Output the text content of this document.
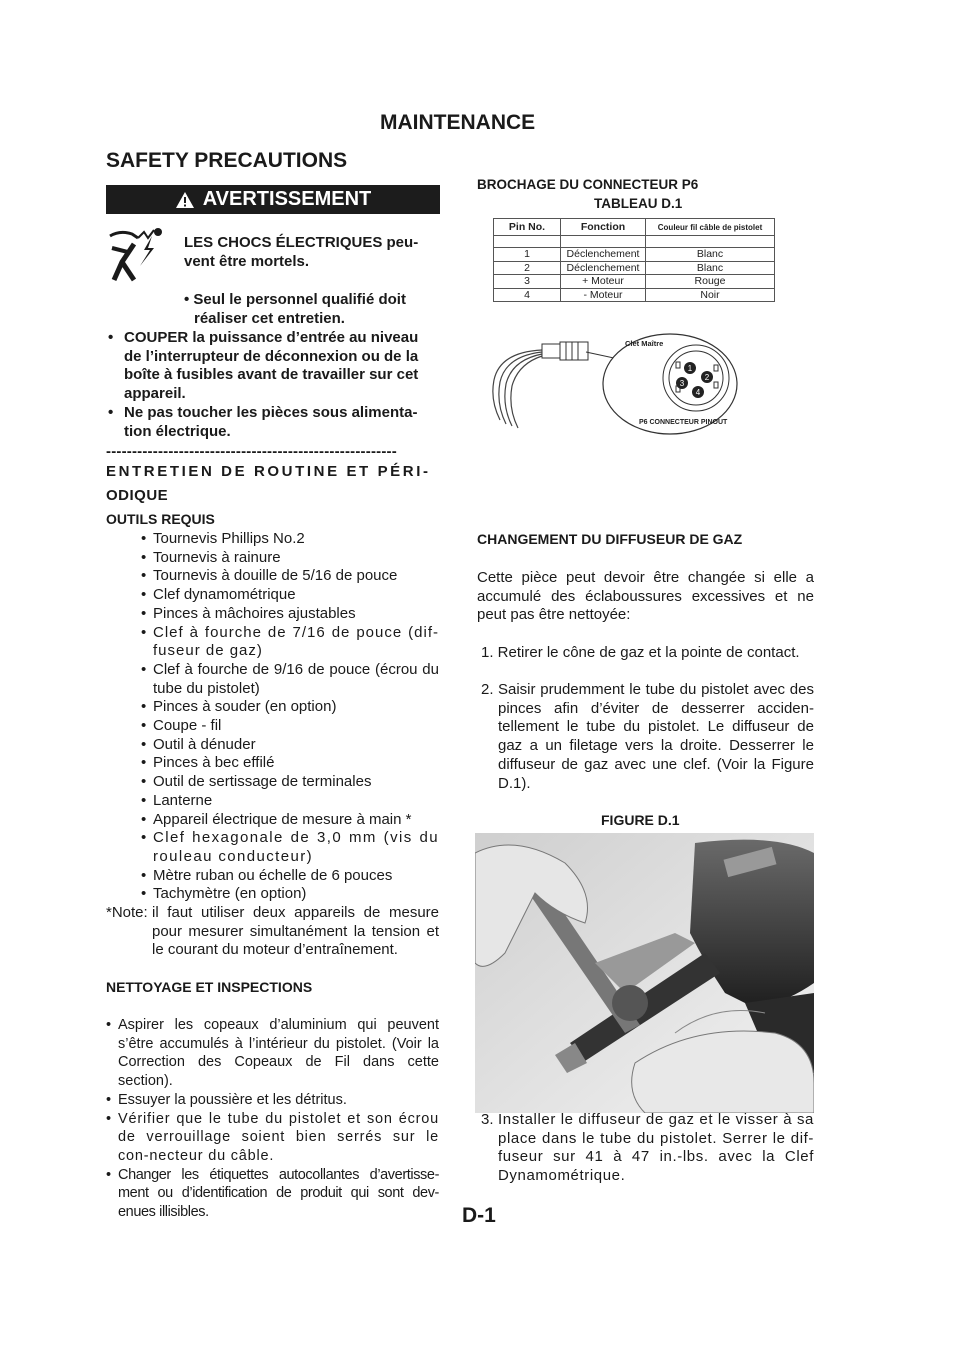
MAINTENANCE
SAFETY PRECAUTIONS
AVERTISSEMENT
LES CHOCS ÉLECTRIQUES peu-
vent être mortels.
• Seul le personnel qualifié doit
réaliser cet entretien.
• COUPER la puissance d’entrée au niveau de l’interrupteur de déconnexion ou de la boîte à fusibles avant de travailler sur cet appareil.
• Ne pas toucher les pièces sous alimenta-tion électrique.
--------------------------------------------------------
ENTRETIEN DE ROUTINE ET PÉRI-
ODIQUE
OUTILS REQUIS
• Tournevis Phillips No.2
• Tournevis à rainure
• Tournevis à douille de 5/16 de pouce
• Clef dynamométrique
• Pinces à mâchoires ajustables
• Clef à fourche de 7/16 de pouce (dif-fuseur de gaz)
• Clef à fourche de 9/16 de pouce (écrou du tube du pistolet)
• Pinces à souder (en option)
• Coupe - fil
• Outil à dénuder
• Pinces à bec effilé
• Outil de sertissage de terminales
• Lanterne
• Appareil électrique de mesure à main *
• Clef hexagonale de 3,0 mm (vis du rouleau conducteur)
• Mètre ruban ou échelle de 6 pouces
• Tachymètre (en option)
*Note: il faut utiliser deux appareils de mesure pour mesurer simultanément la tension et le courant du moteur d’entraînement.
NETTOYAGE ET INSPECTIONS
• Aspirer les copeaux d’aluminium qui peuvent s’être accumulés à l’intérieur du pistolet. (Voir la Correction des Copeaux de Fil dans cette section).
• Essuyer la poussière et les détritus.
• Vérifier que le tube du pistolet et son écrou de verrouillage soient bien serrés sur le con-necteur du câble.
• Changer les étiquettes autocollantes d’avertisse-ment ou d’identification de produit qui sont dev-enues illisibles.
BROCHAGE DU CONNECTEUR P6
TABLEAU D.1
Pin No.	Fonction	Couleur fil câble de pistolet

1	Déclenchement	Blanc
2	Déclenchement	Blanc
3	+ Moteur	Rouge
4	- Moteur	Noir
1
2
3
4
Clet Maître
P6 CONNECTEUR PINOUT
CHANGEMENT DU DIFFUSEUR DE GAZ
Cette pièce peut devoir être changée si elle a accumulé des éclaboussures excessives et ne peut pas être nettoyée:
1. Retirer le cône de gaz et la pointe de contact.
2. Saisir prudemment le tube du pistolet avec des pinces afin d’éviter de desserrer acciden-tellement le tube du pistolet. Le diffuseur de gaz a un filetage vers la droite. Desserrer le diffuseur de gaz avec une clef. (Voir la Figure D.1).
FIGURE D.1
3. Installer le diffuseur de gaz et le visser à sa place dans le tube du pistolet. Serrer le dif-fuseur sur 41 à 47 in.-lbs. avec la Clef Dynamométrique.
D-1
